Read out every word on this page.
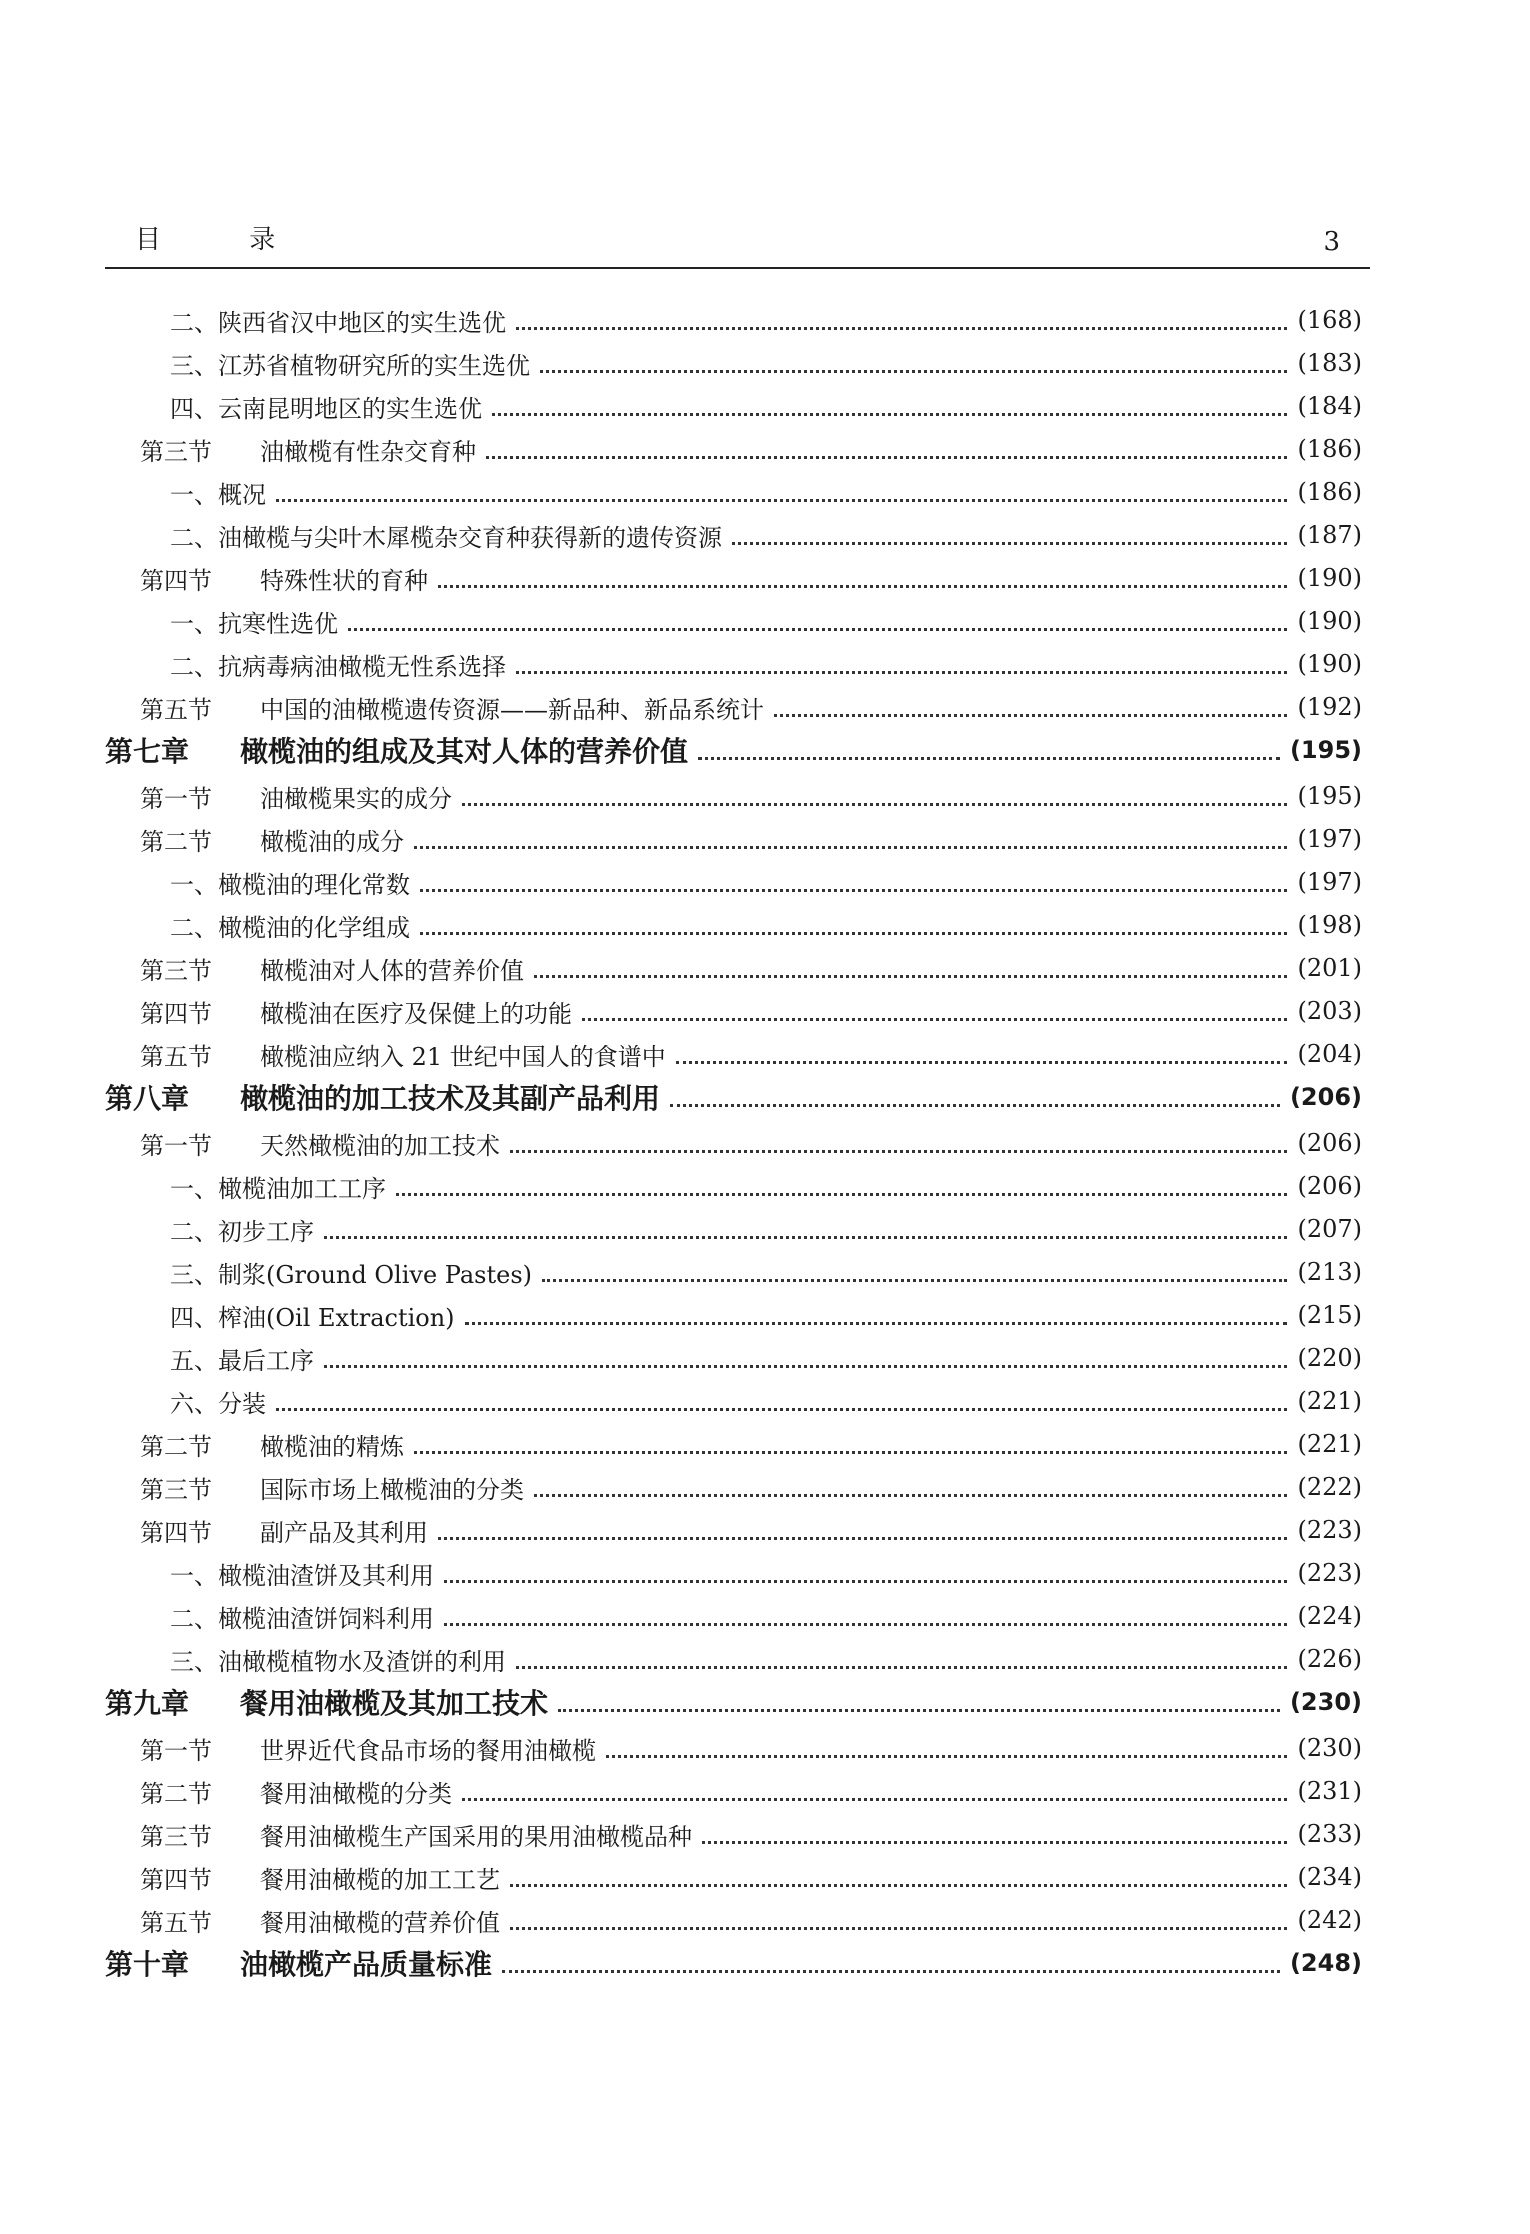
目 录	3
二、陕西省汉中地区的实生选优	(168)
三、江苏省植物研究所的实生选优	(183)
四、云南昆明地区的实生选优	(184)
第三节	油橄榄有性杂交育种	(186)
一、概况	(186)
二、油橄榄与尖叶木犀榄杂交育种获得新的遗传资源	(187)
第四节	特殊性状的育种	(190)
一、抗寒性选优	(190)
二、抗病毒病油橄榄无性系选择	(190)
第五节	中国的油橄榄遗传资源——新品种、新品系统计	(192)
第七章	橄榄油的组成及其对人体的营养价值	(195)
第一节	油橄榄果实的成分	(195)
第二节	橄榄油的成分	(197)
一、橄榄油的理化常数	(197)
二、橄榄油的化学组成	(198)
第三节	橄榄油对人体的营养价值	(201)
第四节	橄榄油在医疗及保健上的功能	(203)
第五节	橄榄油应纳入 21 世纪中国人的食谱中	(204)
第八章	橄榄油的加工技术及其副产品利用	(206)
第一节	天然橄榄油的加工技术	(206)
一、橄榄油加工工序	(206)
二、初步工序	(207)
三、制浆(Ground Olive Pastes)	(213)
四、榨油(Oil Extraction)	(215)
五、最后工序	(220)
六、分装	(221)
第二节	橄榄油的精炼	(221)
第三节	国际市场上橄榄油的分类	(222)
第四节	副产品及其利用	(223)
一、橄榄油渣饼及其利用	(223)
二、橄榄油渣饼饲料利用	(224)
三、油橄榄植物水及渣饼的利用	(226)
第九章	餐用油橄榄及其加工技术	(230)
第一节	世界近代食品市场的餐用油橄榄	(230)
第二节	餐用油橄榄的分类	(231)
第三节	餐用油橄榄生产国采用的果用油橄榄品种	(233)
第四节	餐用油橄榄的加工工艺	(234)
第五节	餐用油橄榄的营养价值	(242)
第十章	油橄榄产品质量标准	(248)
